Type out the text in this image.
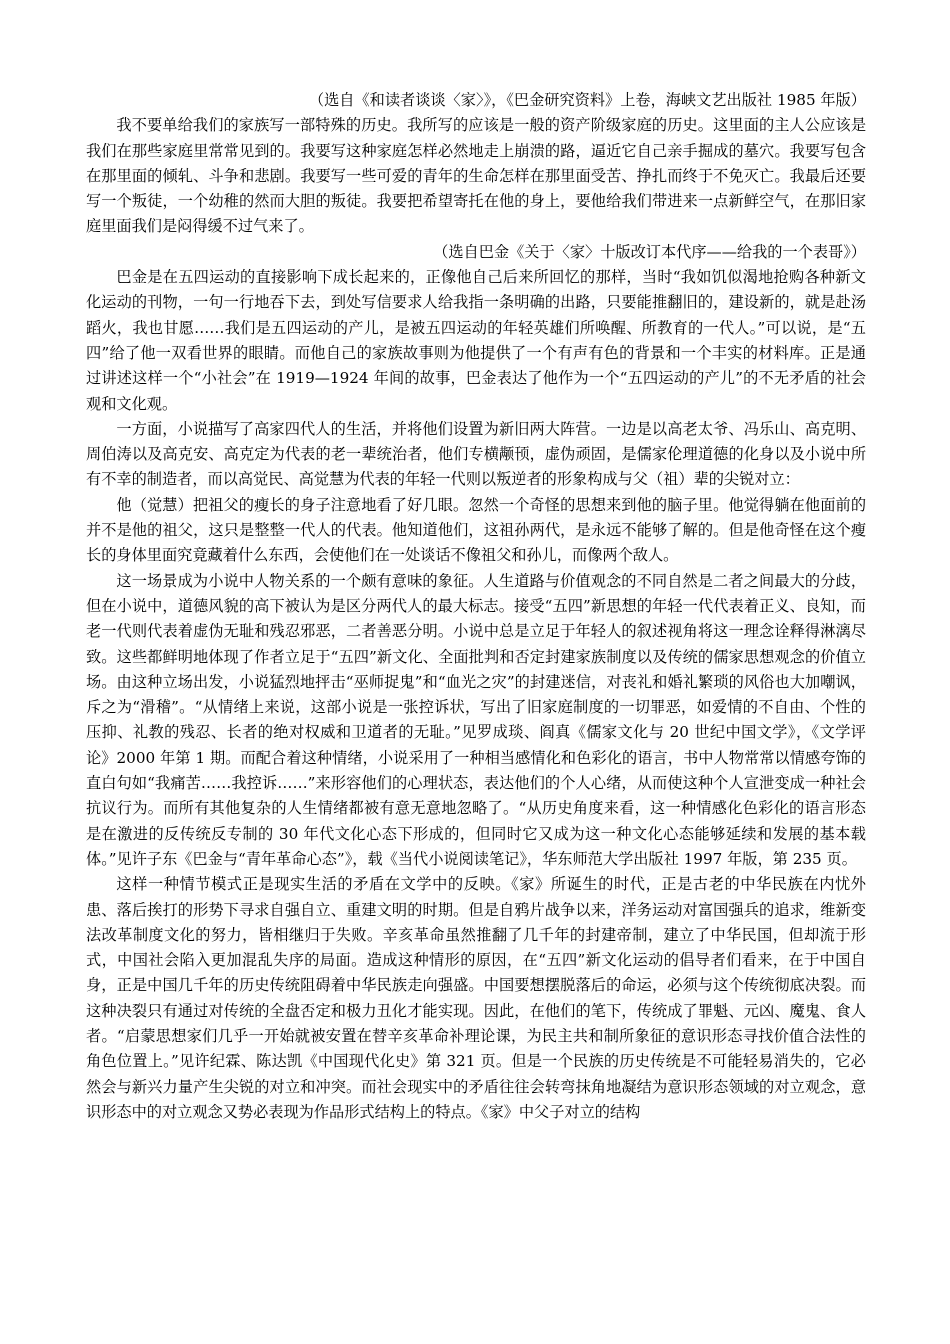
（选自《和读者谈谈〈家〉》，《巴金研究资料》上卷，海峡文艺出版社 1985 年版）

我不要单给我们的家族写一部特殊的历史。我所写的应该是一般的资产阶级家庭的历史。这里面的主人公应该是我们在那些家庭里常常见到的。我要写这种家庭怎样必然地走上崩溃的路，逼近它自己亲手掘成的墓穴。我要写包含在那里面的倾轧、斗争和悲剧。我要写一些可爱的青年的生命怎样在那里面受苦、挣扎而终于不免灭亡。我最后还要写一个叛徒，一个幼稚的然而大胆的叛徒。我要把希望寄托在他的身上，要他给我们带进来一点新鲜空气，在那旧家庭里面我们是闷得缓不过气来了。

（选自巴金《关于〈家〉十版改订本代序——给我的一个表哥》）

巴金是在五四运动的直接影响下成长起来的，正像他自己后来所回忆的那样，当时“我如饥似渴地抢购各种新文化运动的刊物，一句一行地吞下去，到处写信要求人给我指一条明确的出路，只要能推翻旧的，建设新的，就是赴汤蹈火，我也甘愿……我们是五四运动的产儿，是被五四运动的年轻英雄们所唤醒、所教育的一代人。”可以说，是“五四”给了他一双看世界的眼睛。而他自己的家族故事则为他提供了一个有声有色的背景和一个丰实的材料库。正是通过讲述这样一个“小社会”在 1919—1924 年间的故事，巴金表达了他作为一个“五四运动的产儿”的不无矛盾的社会观和文化观。

一方面，小说描写了高家四代人的生活，并将他们设置为新旧两大阵营。一边是以高老太爷、冯乐山、高克明、周伯涛以及高克安、高克定为代表的老一辈统治者，他们专横颟顸，虚伪顽固，是儒家伦理道德的化身以及小说中所有不幸的制造者，而以高觉民、高觉慧为代表的年轻一代则以叛逆者的形象构成与父（祖）辈的尖锐对立：

他（觉慧）把祖父的瘦长的身子注意地看了好几眼。忽然一个奇怪的思想来到他的脑子里。他觉得躺在他面前的并不是他的祖父，这只是整整一代人的代表。他知道他们，这祖孙两代，是永远不能够了解的。但是他奇怪在这个瘦长的身体里面究竟藏着什么东西，会使他们在一处谈话不像祖父和孙儿，而像两个敌人。

这一场景成为小说中人物关系的一个颇有意味的象征。人生道路与价值观念的不同自然是二者之间最大的分歧，但在小说中，道德风貌的高下被认为是区分两代人的最大标志。接受“五四”新思想的年轻一代代表着正义、良知，而老一代则代表着虚伪无耻和残忍邪恶，二者善恶分明。小说中总是立足于年轻人的叙述视角将这一理念诠释得淋漓尽致。这些都鲜明地体现了作者立足于“五四”新文化、全面批判和否定封建家族制度以及传统的儒家思想观念的价值立场。由这种立场出发，小说猛烈地抨击“巫师捉鬼”和“血光之灾”的封建迷信，对丧礼和婚礼繁琐的风俗也大加嘲讽，斥之为“滑稽”。“从情绪上来说，这部小说是一张控诉状，写出了旧家庭制度的一切罪恶，如爱情的不自由、个性的压抑、礼教的残忍、长者的绝对权威和卫道者的无耻。”见罗成琰、阎真《儒家文化与 20 世纪中国文学》，《文学评论》2000 年第 1 期。而配合着这种情绪，小说采用了一种相当感情化和色彩化的语言，书中人物常常以情感夸饰的直白句如“我痛苦……我控诉……”来形容他们的心理状态，表达他们的个人心绪，从而使这种个人宣泄变成一种社会抗议行为。而所有其他复杂的人生情绪都被有意无意地忽略了。“从历史角度来看，这一种情感化色彩化的语言形态是在激进的反传统反专制的 30 年代文化心态下形成的，但同时它又成为这一种文化心态能够延续和发展的基本载体。”见许子东《巴金与“青年革命心态”》，载《当代小说阅读笔记》，华东师范大学出版社 1997 年版，第 235 页。

这样一种情节模式正是现实生活的矛盾在文学中的反映。《家》所诞生的时代，正是古老的中华民族在内忧外患、落后挨打的形势下寻求自强自立、重建文明的时期。但是自鸦片战争以来，洋务运动对富国强兵的追求，维新变法改革制度文化的努力，皆相继归于失败。辛亥革命虽然推翻了几千年的封建帝制，建立了中华民国，但却流于形式，中国社会陷入更加混乱失序的局面。造成这种情形的原因，在“五四”新文化运动的倡导者们看来，在于中国自身，正是中国几千年的历史传统阻碍着中华民族走向强盛。中国要想摆脱落后的命运，必须与这个传统彻底决裂。而这种决裂只有通过对传统的全盘否定和极力丑化才能实现。因此，在他们的笔下，传统成了罪魁、元凶、魔鬼、食人者。“启蒙思想家们几乎一开始就被安置在替辛亥革命补理论课，为民主共和制所象征的意识形态寻找价值合法性的角色位置上。”见许纪霖、陈达凯《中国现代化史》第 321 页。但是一个民族的历史传统是不可能轻易消失的，它必然会与新兴力量产生尖锐的对立和冲突。而社会现实中的矛盾往往会转弯抹角地凝结为意识形态领域的对立观念，意识形态中的对立观念又势必表现为作品形式结构上的特点。《家》中父子对立的结构
